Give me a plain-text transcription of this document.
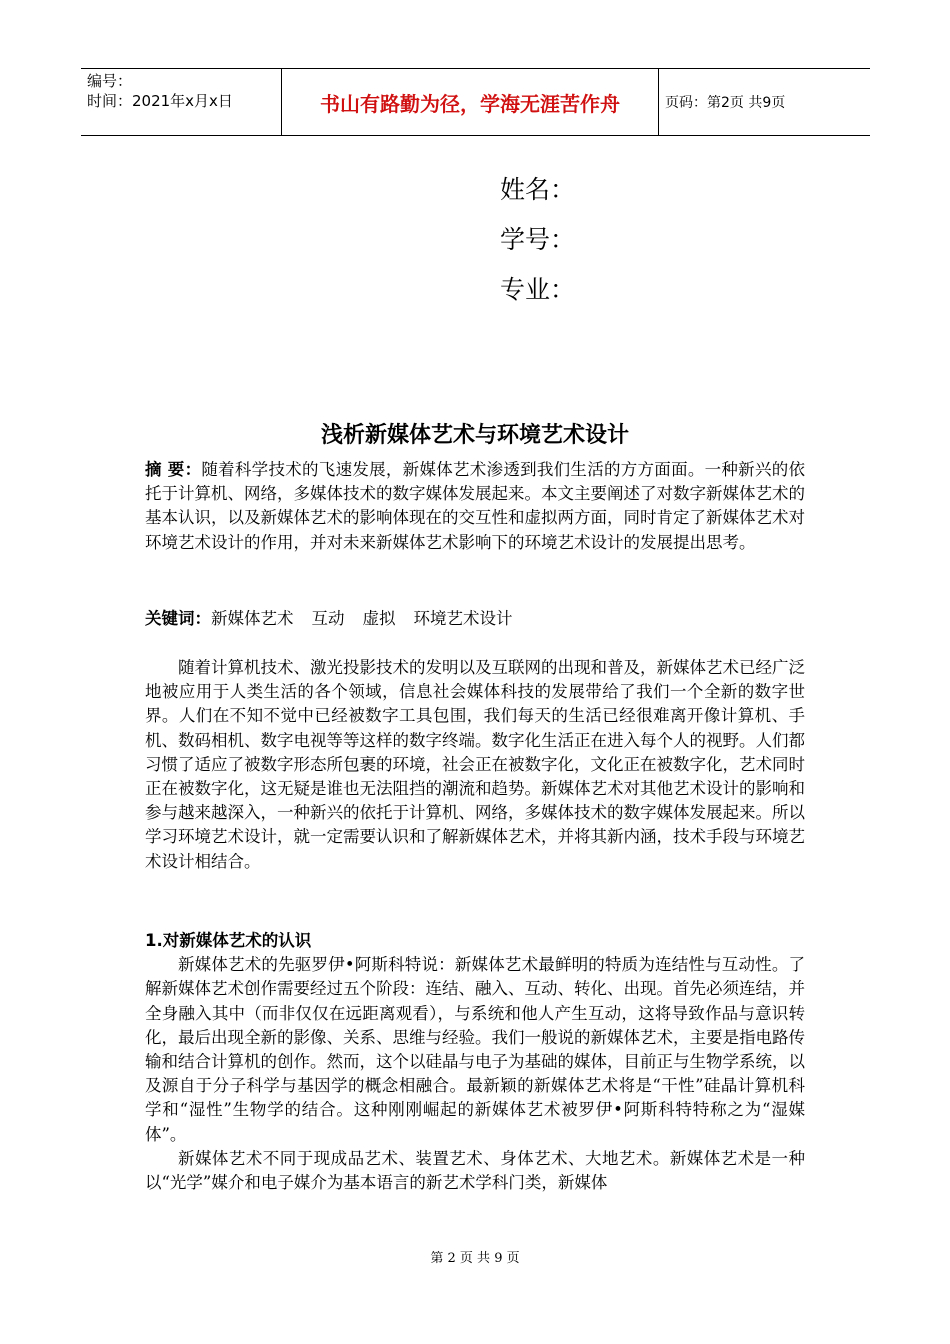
编号：
时间：2021年x月x日	书山有路勤为径，学海无涯苦作舟	页码：第2页 共9页
姓名：
学号：
专业：
浅析新媒体艺术与环境艺术设计

摘 要：随着科学技术的飞速发展，新媒体艺术渗透到我们生活的方方面面。一种新兴的依托于计算机、网络，多媒体技术的数字媒体发展起来。本文主要阐述了对数字新媒体艺术的基本认识，以及新媒体艺术的影响体现在的交互性和虚拟两方面，同时肯定了新媒体艺术对环境艺术设计的作用，并对未来新媒体艺术影响下的环境艺术设计的发展提出思考。

关键词：新媒体艺术 互动 虚拟 环境艺术设计

随着计算机技术、激光投影技术的发明以及互联网的出现和普及，新媒体艺术已经广泛地被应用于人类生活的各个领域，信息社会媒体科技的发展带给了我们一个全新的数字世界。人们在不知不觉中已经被数字工具包围，我们每天的生活已经很难离开像计算机、手机、数码相机、数字电视等等这样的数字终端。数字化生活正在进入每个人的视野。人们都习惯了适应了被数字形态所包裹的环境，社会正在被数字化，文化正在被数字化，艺术同时正在被数字化，这无疑是谁也无法阻挡的潮流和趋势。新媒体艺术对其他艺术设计的影响和参与越来越深入，一种新兴的依托于计算机、网络，多媒体技术的数字媒体发展起来。所以学习环境艺术设计，就一定需要认识和了解新媒体艺术，并将其新内涵，技术手段与环境艺术设计相结合。

1.对新媒体艺术的认识

新媒体艺术的先驱罗伊•阿斯科特说：新媒体艺术最鲜明的特质为连结性与互动性。了解新媒体艺术创作需要经过五个阶段：连结、融入、互动、转化、出现。首先必须连结，并全身融入其中（而非仅仅在远距离观看），与系统和他人产生互动，这将导致作品与意识转化，最后出现全新的影像、关系、思维与经验。我们一般说的新媒体艺术，主要是指电路传输和结合计算机的创作。然而，这个以硅晶与电子为基础的媒体，目前正与生物学系统，以及源自于分子科学与基因学的概念相融合。最新颖的新媒体艺术将是“干性”硅晶计算机科学和“湿性”生物学的结合。这种刚刚崛起的新媒体艺术被罗伊•阿斯科特特称之为“湿媒体”。

新媒体艺术不同于现成品艺术、装置艺术、身体艺术、大地艺术。新媒体艺术是一种以“光学”媒介和电子媒介为基本语言的新艺术学科门类，新媒体

第 2 页 共 9 页
